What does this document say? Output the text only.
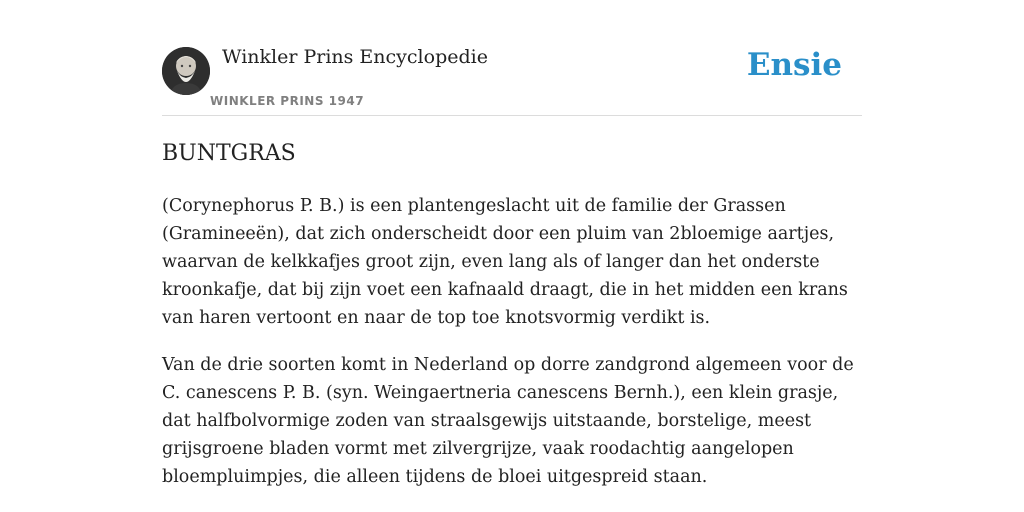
Winkler Prins Encyclopedie
WINKLER PRINS 1947
Ensie
BUNTGRAS

(Corynephorus P. B.) is een plantengeslacht uit de familie der Grassen (Gramineeën), dat zich onderscheidt door een pluim van 2bloemige aartjes, waarvan de kelkkafjes groot zijn, even lang als of langer dan het onderste kroonkafje, dat bij zijn voet een kafnaald draagt, die in het midden een krans van haren vertoont en naar de top toe knotsvormig verdikt is.

Van de drie soorten komt in Nederland op dorre zandgrond algemeen voor de C. canescens P. B. (syn. Weingaertneria canescens Bernh.), een klein grasje, dat halfbolvormige zoden van straalsgewijs uitstaande, borstelige, meest grijsgroene bladen vormt met zilvergrijze, vaak roodachtig aangelopen bloempluimpjes, die alleen tijdens de bloei uitgespreid staan.
